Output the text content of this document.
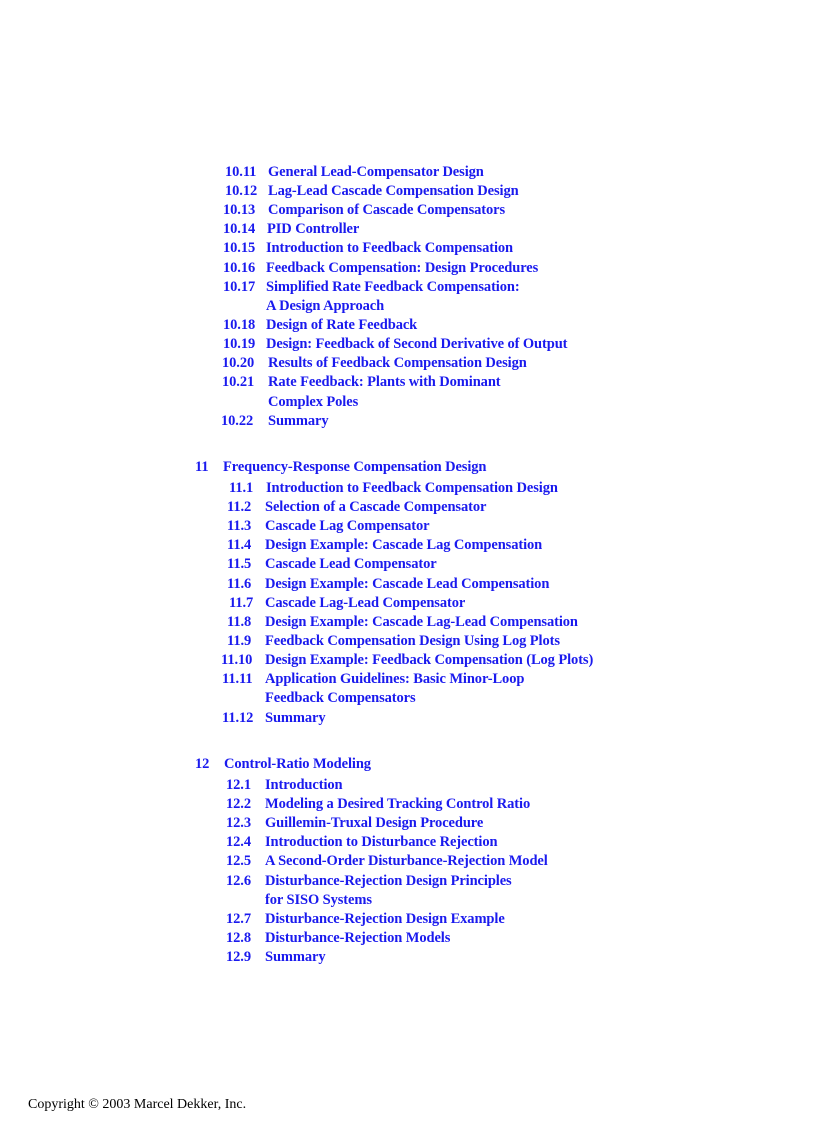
10.11 General Lead-Compensator Design
10.12 Lag-Lead Cascade Compensation Design
10.13 Comparison of Cascade Compensators
10.14 PID Controller
10.15 Introduction to Feedback Compensation
10.16 Feedback Compensation: Design Procedures
10.17 Simplified Rate Feedback Compensation:
A Design Approach
10.18 Design of Rate Feedback
10.19 Design: Feedback of Second Derivative of Output
10.20 Results of Feedback Compensation Design
10.21 Rate Feedback: Plants with Dominant
Complex Poles
10.22 Summary
11 Frequency-Response Compensation Design
11.1 Introduction to Feedback Compensation Design
11.2 Selection of a Cascade Compensator
11.3 Cascade Lag Compensator
11.4 Design Example: Cascade Lag Compensation
11.5 Cascade Lead Compensator
11.6 Design Example: Cascade Lead Compensation
11.7 Cascade Lag-Lead Compensator
11.8 Design Example: Cascade Lag-Lead Compensation
11.9 Feedback Compensation Design Using Log Plots
11.10 Design Example: Feedback Compensation (Log Plots)
11.11 Application Guidelines: Basic Minor-Loop
Feedback Compensators
11.12 Summary
12 Control-Ratio Modeling
12.1 Introduction
12.2 Modeling a Desired Tracking Control Ratio
12.3 Guillemin-Truxal Design Procedure
12.4 Introduction to Disturbance Rejection
12.5 A Second-Order Disturbance-Rejection Model
12.6 Disturbance-Rejection Design Principles
for SISO Systems
12.7 Disturbance-Rejection Design Example
12.8 Disturbance-Rejection Models
12.9 Summary
Copyright © 2003 Marcel Dekker, Inc.
